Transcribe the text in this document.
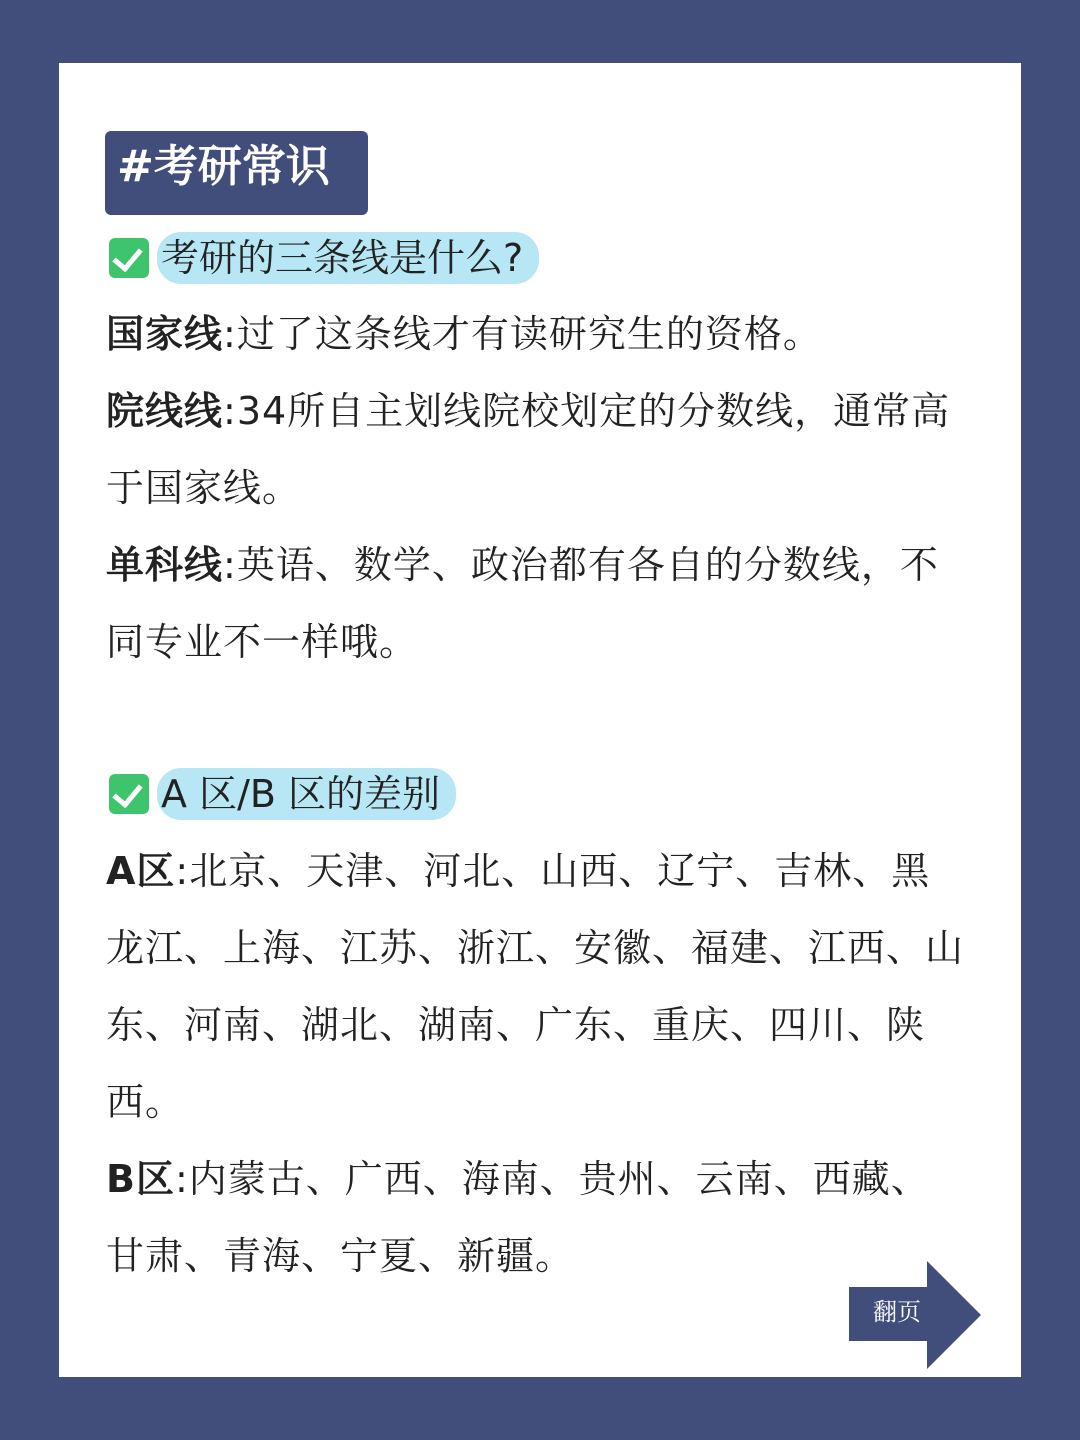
#考研常识
考研的三条线是什么?

国家线:过了这条线才有读研究生的资格。

院线线:34所自主划线院校划定的分数线，通常高于国家线。

单科线:英语、数学、政治都有各自的分数线，不同专业不一样哦。

A 区/B 区的差别

A区:北京、天津、河北、山西、辽宁、吉林、黑龙江、上海、江苏、浙江、安徽、福建、江西、山东、河南、湖北、湖南、广东、重庆、四川、陕西。

B区:内蒙古、广西、海南、贵州、云南、西藏、甘肃、青海、宁夏、新疆。

翻页
